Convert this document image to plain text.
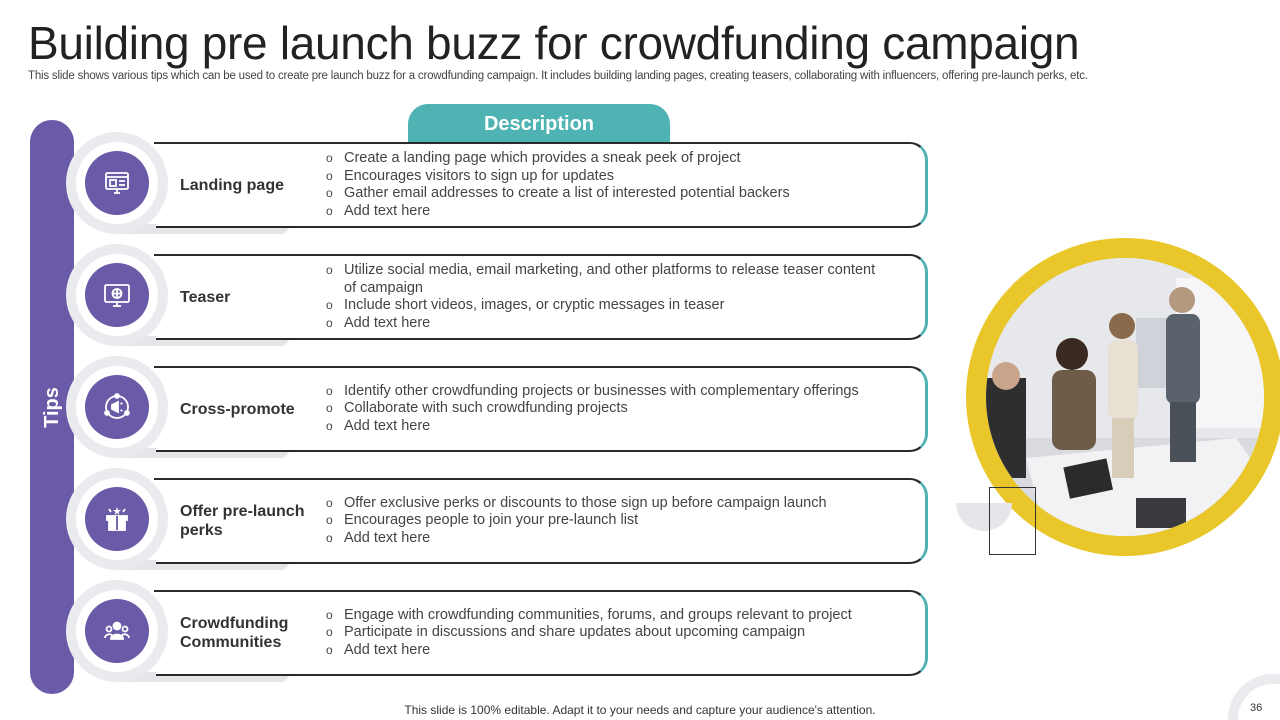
Building pre launch buzz for crowdfunding campaign
This slide shows various tips which can be used to create pre launch buzz for a crowdfunding campaign. It includes building landing pages, creating teasers, collaborating with influencers, offering pre-launch perks, etc.
Tips
Description
Landing page
o Create a landing page which provides a sneak peek of project
o Encourages visitors to sign up for updates
o Gather email addresses to create a list of interested potential backers
o Add text here
Teaser
o Utilize social media, email marketing, and other platforms to release teaser content of campaign
o Include short videos, images, or cryptic messages in teaser
o Add text here
Cross-promote
o Identify other crowdfunding projects or businesses with complementary offerings
o Collaborate with such crowdfunding projects
o Add text here
Offer pre-launch perks
o Offer exclusive perks or discounts to those sign up before campaign launch
o Encourages people to join your pre-launch list
o Add text here
Crowdfunding Communities
o Engage with crowdfunding communities, forums, and groups relevant to project
o Participate in discussions and share updates about upcoming campaign
o Add text here
This slide is 100% editable. Adapt it to your needs and capture your audience's attention.	36
